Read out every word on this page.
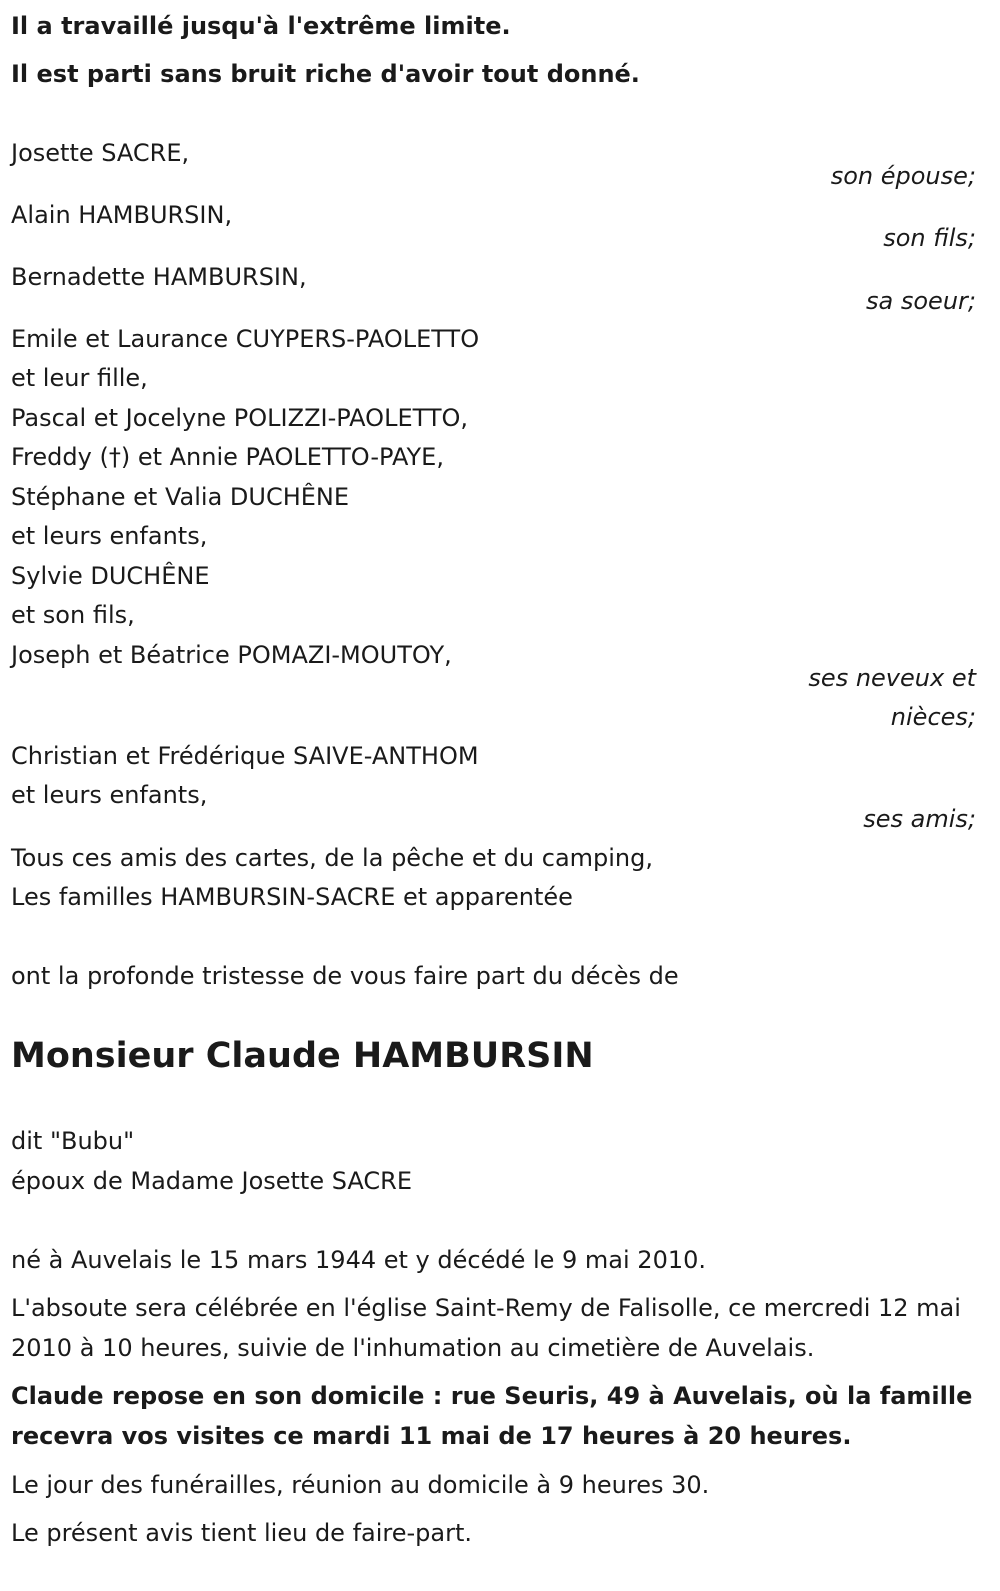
Il a travaillé jusqu'à l'extrême limite.
Il est parti sans bruit riche d'avoir tout donné.
Josette SACRE,
son épouse;
Alain HAMBURSIN,
son fils;
Bernadette HAMBURSIN,
sa soeur;
Emile et Laurance CUYPERS-PAOLETTO
et leur fille,
Pascal et Jocelyne POLIZZI-PAOLETTO,
Freddy (†) et Annie PAOLETTO-PAYE,
Stéphane et Valia DUCHÊNE
et leurs enfants,
Sylvie DUCHÊNE
et son fils,
Joseph et Béatrice POMAZI-MOUTOY,
ses neveux et
nièces;
Christian et Frédérique SAIVE-ANTHOM
et leurs enfants,
ses amis;
Tous ces amis des cartes, de la pêche et du camping,
Les familles HAMBURSIN-SACRE et apparentée
ont la profonde tristesse de vous faire part du décès de
Monsieur Claude HAMBURSIN
dit "Bubu"
époux de Madame Josette SACRE
né à Auvelais le 15 mars 1944 et y décédé le 9 mai 2010.
L'absoute sera célébrée en l'église Saint-Remy de Falisolle, ce mercredi 12 mai 2010 à 10 heures, suivie de l'inhumation au cimetière de Auvelais.
Claude repose en son domicile : rue Seuris, 49 à Auvelais, où la famille recevra vos visites ce mardi 11 mai de 17 heures à 20 heures.
Le jour des funérailles, réunion au domicile à 9 heures 30.
Le présent avis tient lieu de faire-part.
